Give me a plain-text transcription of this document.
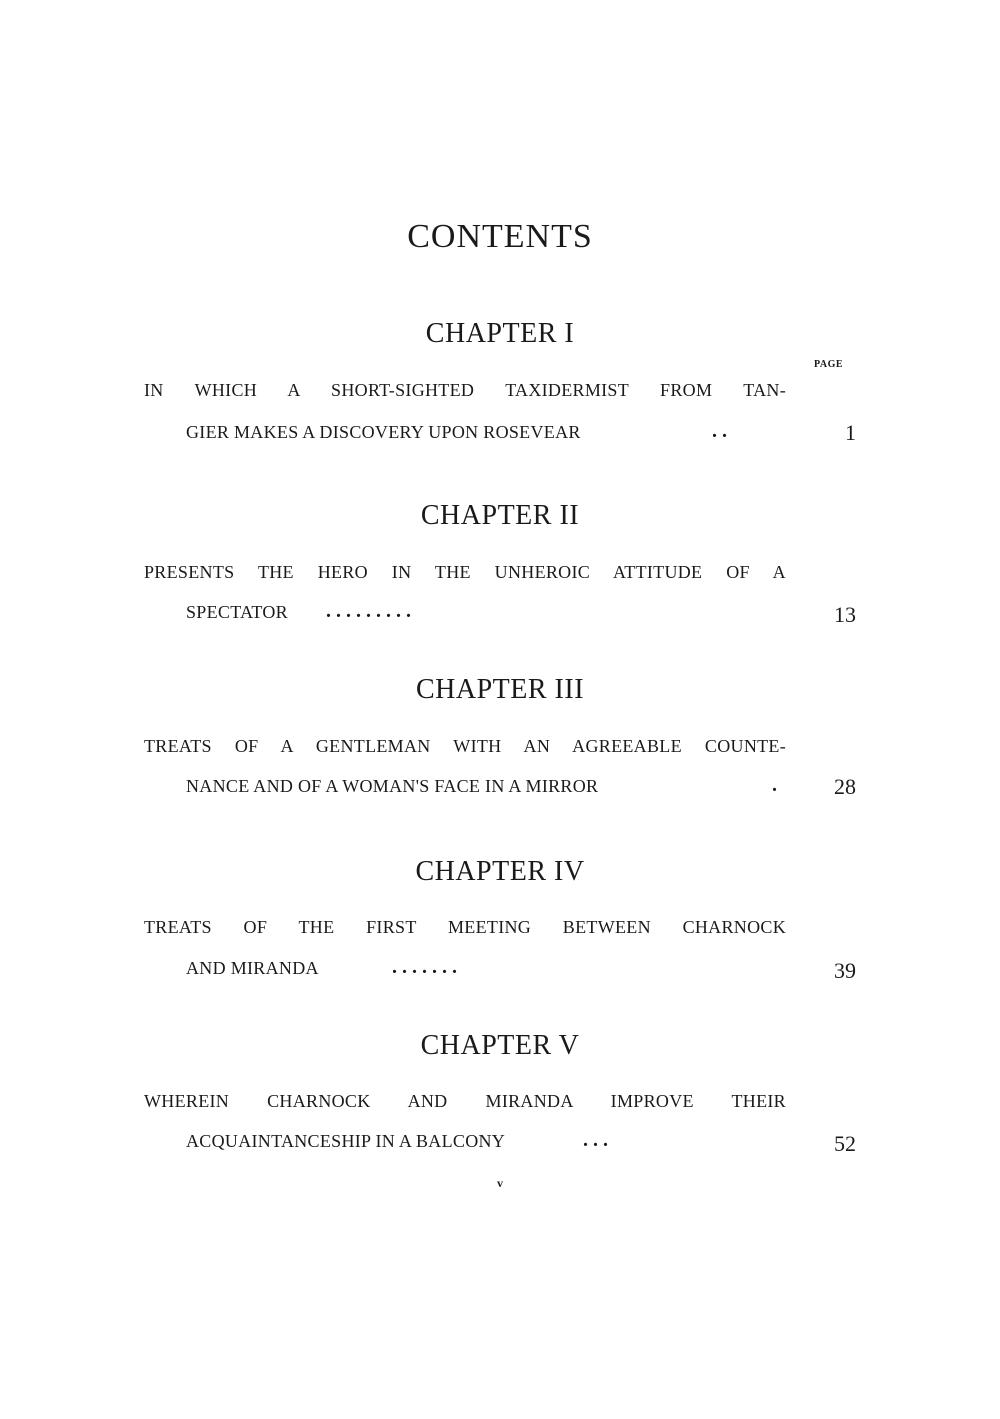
CONTENTS
PAGE
CHAPTER I
IN WHICH A SHORT-SIGHTED TAXIDERMIST FROM TAN-
GIER MAKES A DISCOVERY UPON ROSEVEAR	. .	1
CHAPTER II
PRESENTS THE HERO IN THE UNHEROIC ATTITUDE OF A
SPECTATOR . . . . . . . . .	13
CHAPTER III
TREATS OF A GENTLEMAN WITH AN AGREEABLE COUNTE-
NANCE AND OF A WOMAN'S FACE IN A MIRROR	.	28
CHAPTER IV
TREATS OF THE FIRST MEETING BETWEEN CHARNOCK
AND MIRANDA	. . . . . . .	39
CHAPTER V
WHEREIN CHARNOCK AND MIRANDA IMPROVE THEIR
ACQUAINTANCESHIP IN A BALCONY	. . .	52
v
